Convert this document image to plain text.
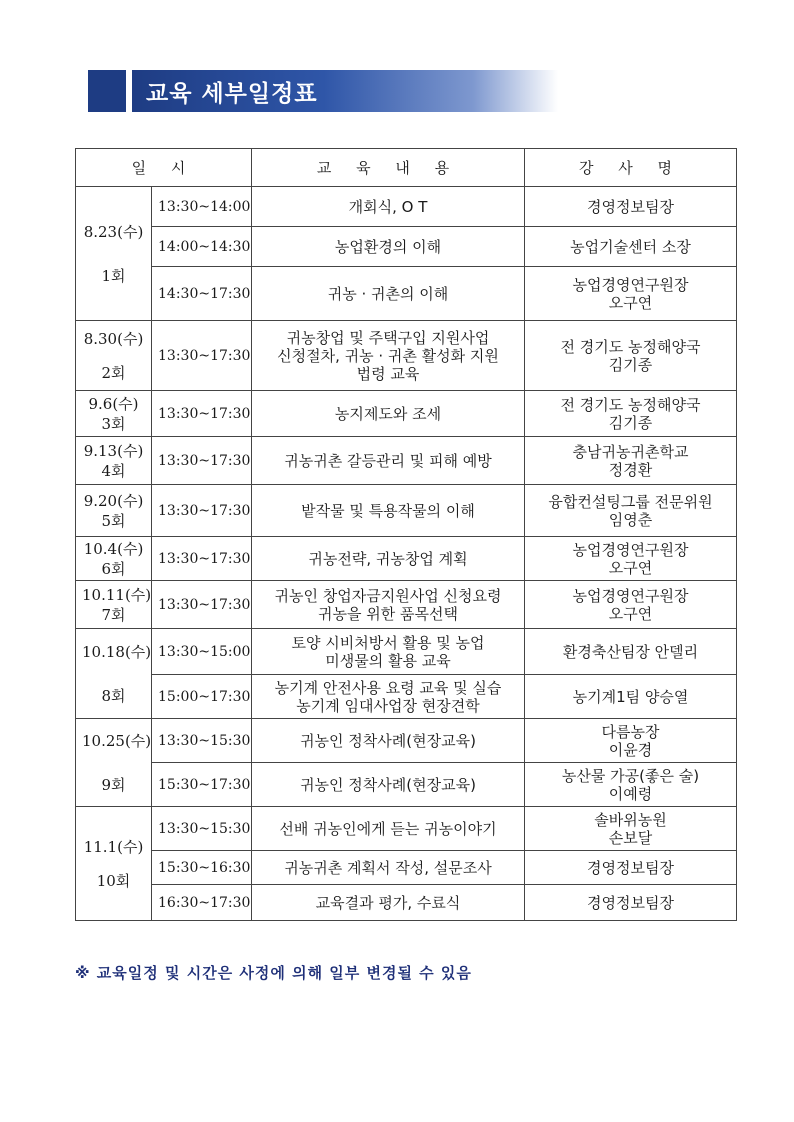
교육 세부일정표
일 시		교 육 내 용	강 사 명

8.23(수)
1회	13:30~14:00	개회식, O T	경영정보팀장

	14:00~14:30	농업환경의 이해	농업기술센터 소장

	14:30~17:30	귀농 · 귀촌의 이해	농업경영연구원장
오구연

8.30(수)
2회	13:30~17:30	귀농창업 및 주택구입 지원사업
신청절차, 귀농 · 귀촌 활성화 지원
법령 교육	전 경기도 농정해양국
김기종

9.6(수)
3회	13:30~17:30	농지제도와 조세	전 경기도 농정해양국
김기종

9.13(수)
4회	13:30~17:30	귀농귀촌 갈등관리 및 피해 예방	충남귀농귀촌학교
정경환

9.20(수)
5회	13:30~17:30	밭작물 및 특용작물의 이해	융합컨설팅그룹 전문위원
임영춘

10.4(수)
6회	13:30~17:30	귀농전략, 귀농창업 계획	농업경영연구원장
오구연

10.11(수)
7회	13:30~17:30	귀농인 창업자금지원사업 신청요령
귀농을 위한 품목선택	농업경영연구원장
오구연

10.18(수)
8회	13:30~15:00	토양 시비처방서 활용 및 농업
미생물의 활용 교육	환경축산팀장 안델리

	15:00~17:30	농기계 안전사용 요령 교육 및 실습
농기계 임대사업장 현장견학	농기계1팀 양승열

10.25(수)
9회	13:30~15:30	귀농인 정착사례(현장교육)	다름농장
이윤경

	15:30~17:30	귀농인 정착사례(현장교육)	농산물 가공(좋은 술)
이예령

11.1(수)
10회	13:30~15:30	선배 귀농인에게 듣는 귀농이야기	솔바위농원
손보달

	15:30~16:30	귀농귀촌 계획서 작성, 설문조사	경영정보팀장

	16:30~17:30	교육결과 평가, 수료식	경영정보팀장
※ 교육일정 및 시간은 사정에 의해 일부 변경될 수 있음
